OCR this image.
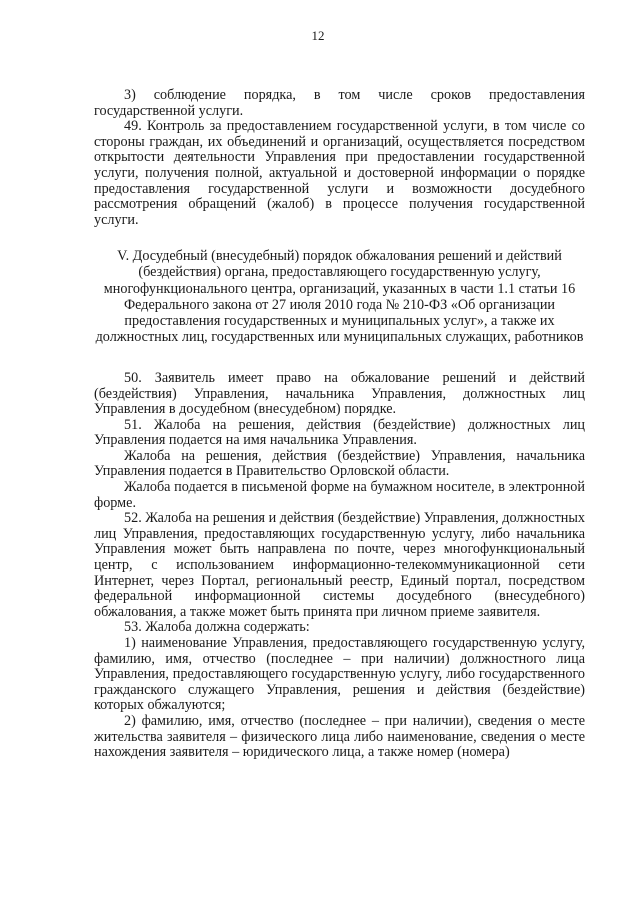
12

3) соблюдение порядка, в том числе сроков предоставления государственной услуги.

49. Контроль за предоставлением государственной услуги, в том числе со стороны граждан, их объединений и организаций, осуществляется посредством открытости деятельности Управления при предоставлении государственной услуги, получения полной, актуальной и достоверной информации о порядке предоставления государственной услуги и возможности досудебного рассмотрения обращений (жалоб) в процессе получения государственной услуги.

V. Досудебный (внесудебный) порядок обжалования решений и действий (бездействия) органа, предоставляющего государственную услугу, многофункционального центра, организаций, указанных в части 1.1 статьи 16 Федерального закона от 27 июля 2010 года № 210-ФЗ «Об организации предоставления государственных и муниципальных услуг», а также их должностных лиц, государственных или муниципальных служащих, работников

50. Заявитель имеет право на обжалование решений и действий (бездействия) Управления, начальника Управления, должностных лиц Управления в досудебном (внесудебном) порядке.

51. Жалоба на решения, действия (бездействие) должностных лиц Управления подается на имя начальника Управления.

Жалоба на решения, действия (бездействие) Управления, начальника Управления подается в Правительство Орловской области.

Жалоба подается в письменой форме на бумажном носителе, в электронной форме.

52. Жалоба на решения и действия (бездействие) Управления, должностных лиц Управления, предоставляющих государственную услугу, либо начальника Управления может быть направлена по почте, через многофункциональный центр, с использованием информационно-телекоммуникационной сети Интернет, через Портал, региональный реестр, Единый портал, посредством федеральной информационной системы досудебного (внесудебного) обжалования, а также может быть принята при личном приеме заявителя.

53. Жалоба должна содержать:

1) наименование Управления, предоставляющего государственную услугу, фамилию, имя, отчество (последнее – при наличии) должностного лица Управления, предоставляющего государственную услугу, либо государственного гражданского служащего Управления, решения и действия (бездействие) которых обжалуются;

2) фамилию, имя, отчество (последнее – при наличии), сведения о месте жительства заявителя – физического лица либо наименование, сведения о месте нахождения заявителя – юридического лица, а также номер (номера)
